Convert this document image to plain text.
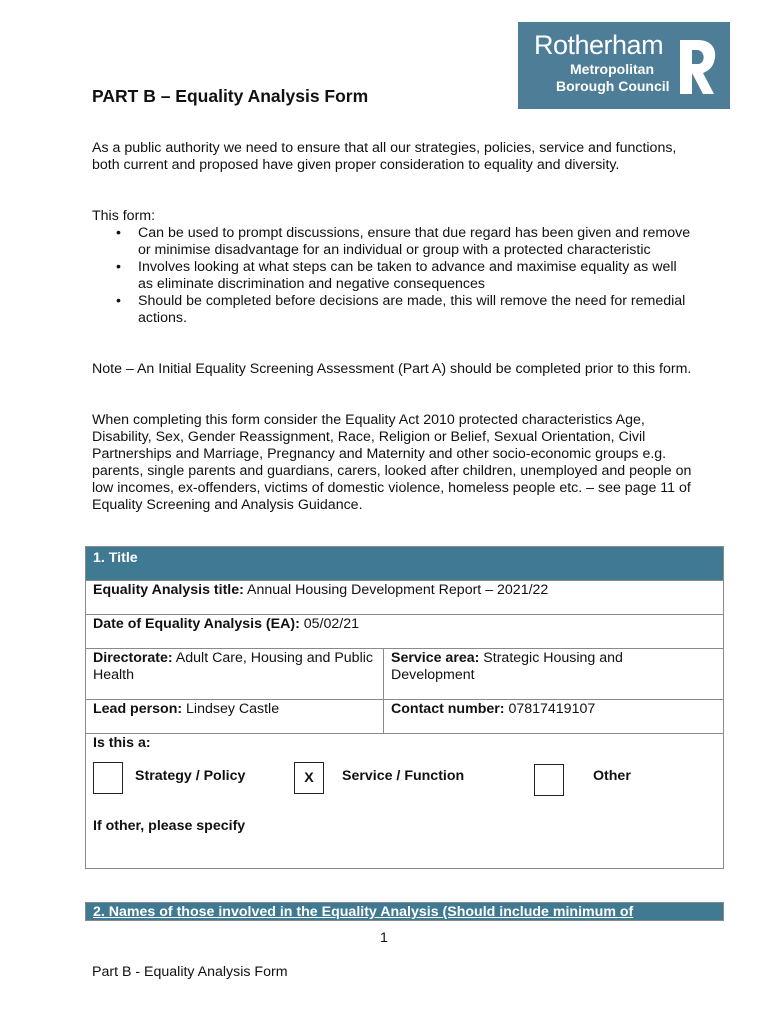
Rotherham
Metropolitan
Borough Council
PART B – Equality Analysis Form

As a public authority we need to ensure that all our strategies, policies, service and functions, both current and proposed have given proper consideration to equality and diversity.

This form:

• Can be used to prompt discussions, ensure that due regard has been given and remove or minimise disadvantage for an individual or group with a protected characteristic
• Involves looking at what steps can be taken to advance and maximise equality as well as eliminate discrimination and negative consequences
• Should be completed before decisions are made, this will remove the need for remedial actions.

Note – An Initial Equality Screening Assessment (Part A) should be completed prior to this form.

When completing this form consider the Equality Act 2010 protected characteristics Age, Disability, Sex, Gender Reassignment, Race, Religion or Belief, Sexual Orientation, Civil Partnerships and Marriage, Pregnancy and Maternity and other socio-economic groups e.g. parents, single parents and guardians, carers, looked after children, unemployed and people on low incomes, ex-offenders, victims of domestic violence, homeless people etc. – see page 11 of Equality Screening and Analysis Guidance.

1. Title
Equality Analysis title: Annual Housing Development Report – 2021/22
Date of Equality Analysis (EA): 05/02/21
Directorate: Adult Care, Housing and Public Health
Service area: Strategic Housing and Development
Lead person: Lindsey Castle	Contact number: 07817419107
Is this a:
Strategy / Policy	X	Service / Function	Other
If other, please specify
2. Names of those involved in the Equality Analysis (Should include minimum of
1
Part B - Equality Analysis Form
